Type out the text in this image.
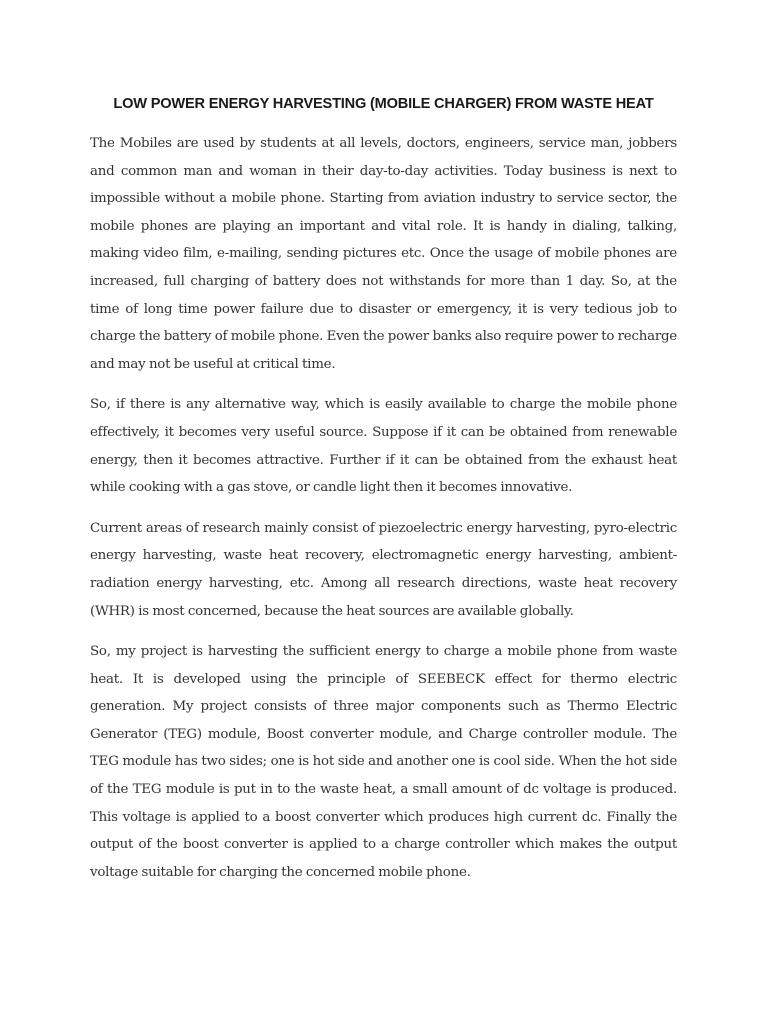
LOW POWER ENERGY HARVESTING (MOBILE CHARGER) FROM WASTE HEAT

The Mobiles are used by students at all levels, doctors, engineers, service man, jobbers and common man and woman in their day-to-day activities. Today business is next to impossible without a mobile phone. Starting from aviation industry to service sector, the mobile phones are playing an important and vital role. It is handy in dialing, talking, making video film, e-mailing, sending pictures etc. Once the usage of mobile phones are increased, full charging of battery does not withstands for more than 1 day. So, at the time of long time power failure due to disaster or emergency, it is very tedious job to charge the battery of mobile phone. Even the power banks also require power to recharge and may not be useful at critical time.

So, if there is any alternative way, which is easily available to charge the mobile phone effectively, it becomes very useful source. Suppose if it can be obtained from renewable energy, then it becomes attractive. Further if it can be obtained from the exhaust heat while cooking with a gas stove, or candle light then it becomes innovative.

Current areas of research mainly consist of piezoelectric energy harvesting, pyro-electric energy harvesting, waste heat recovery, electromagnetic energy harvesting, ambient-radiation energy harvesting, etc. Among all research directions, waste heat recovery (WHR) is most concerned, because the heat sources are available globally.

So, my project is harvesting the sufficient energy to charge a mobile phone from waste heat. It is developed using the principle of SEEBECK effect for thermo electric generation. My project consists of three major components such as Thermo Electric Generator (TEG) module, Boost converter module, and Charge controller module. The TEG module has two sides; one is hot side and another one is cool side. When the hot side of the TEG module is put in to the waste heat, a small amount of dc voltage is produced. This voltage is applied to a boost converter which produces high current dc. Finally the output of the boost converter is applied to a charge controller which makes the output voltage suitable for charging the concerned mobile phone.
